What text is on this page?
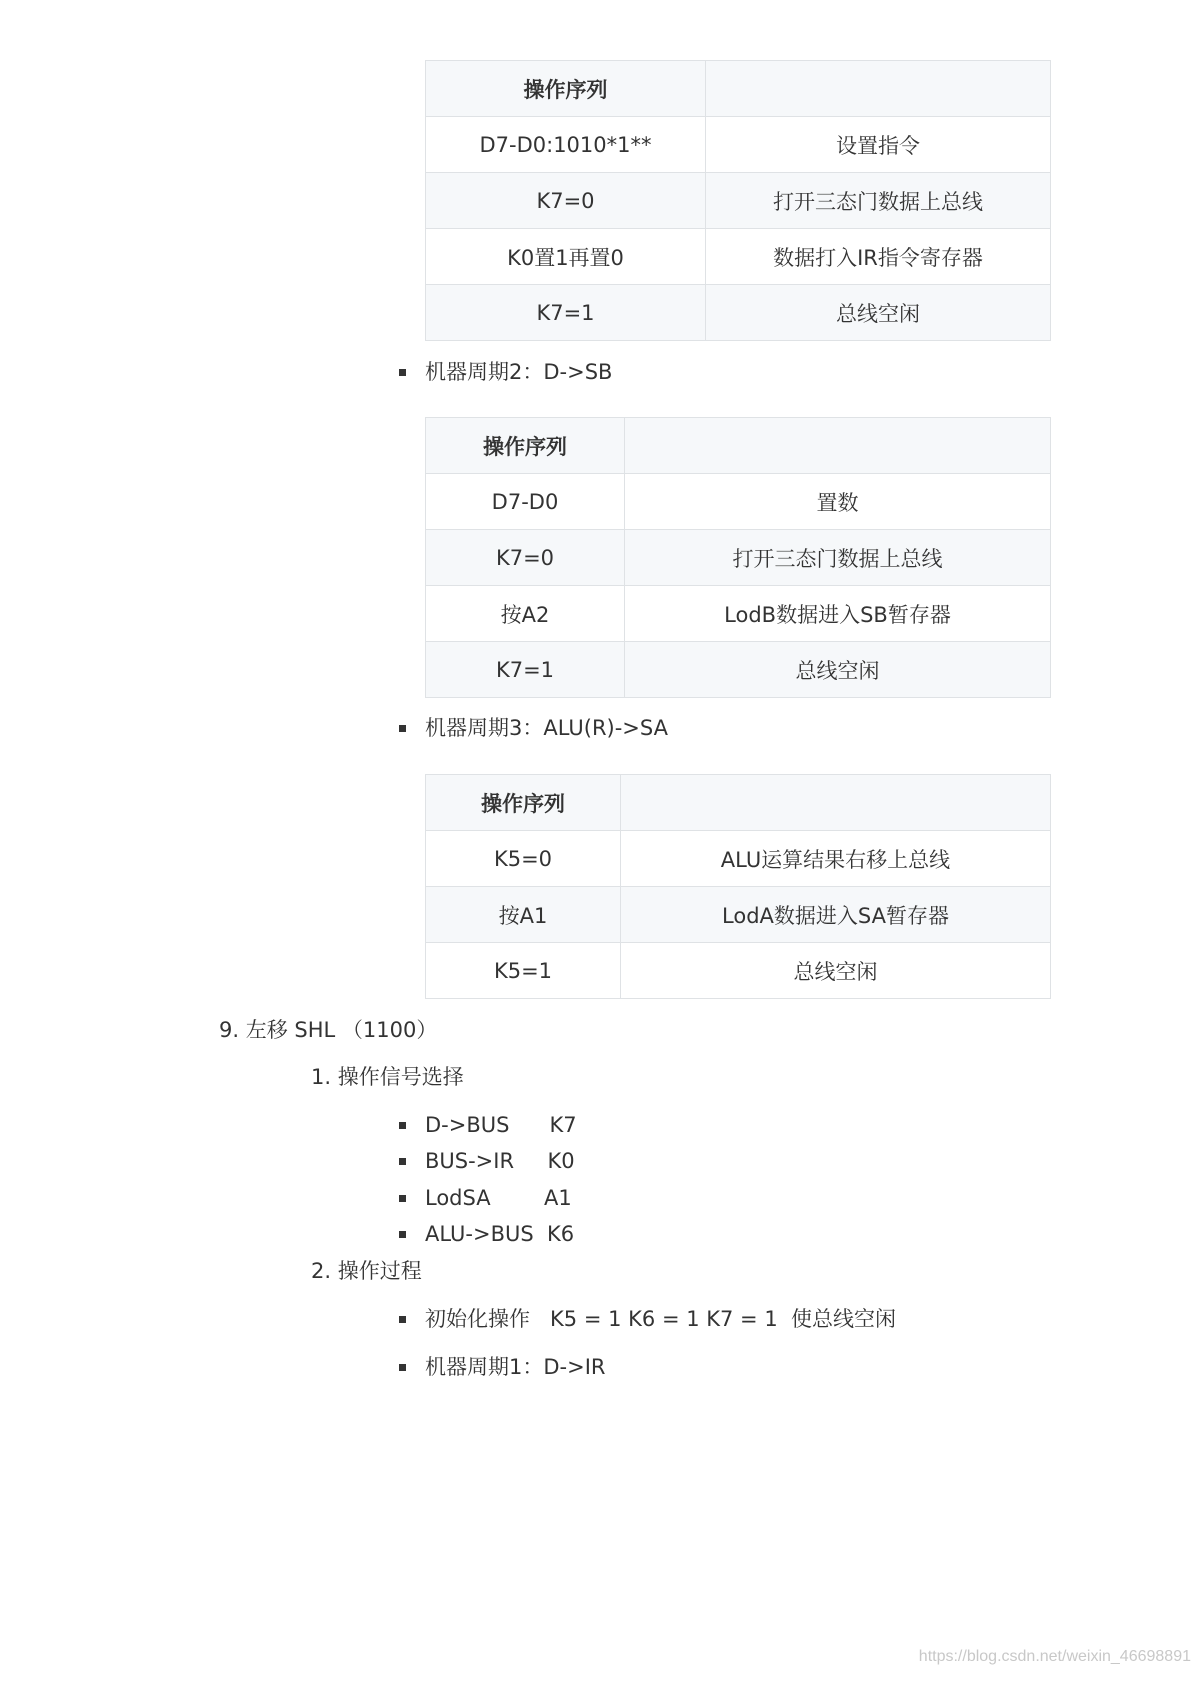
操作序列	
D7-D0:1010*1**	设置指令
K7=0	打开三态门数据上总线
K0置1再置0	数据打入IR指令寄存器
K7=1	总线空闲
机器周期2：D->SB
操作序列	
D7-D0	置数
K7=0	打开三态门数据上总线
按A2	LodB数据进入SB暂存器
K7=1	总线空闲
机器周期3：ALU(R)->SA
操作序列	
K5=0	ALU运算结果右移上总线
按A1	LodA数据进入SA暂存器
K5=1	总线空闲
9. 左移 SHL （1100）
1. 操作信号选择
D->BUS      K7
BUS->IR     K0
LodSA        A1
ALU->BUS  K6
2. 操作过程
初始化操作   K5 = 1 K6 = 1 K7 = 1  使总线空闲
机器周期1：D->IR
https://blog.csdn.net/weixin_46698891
